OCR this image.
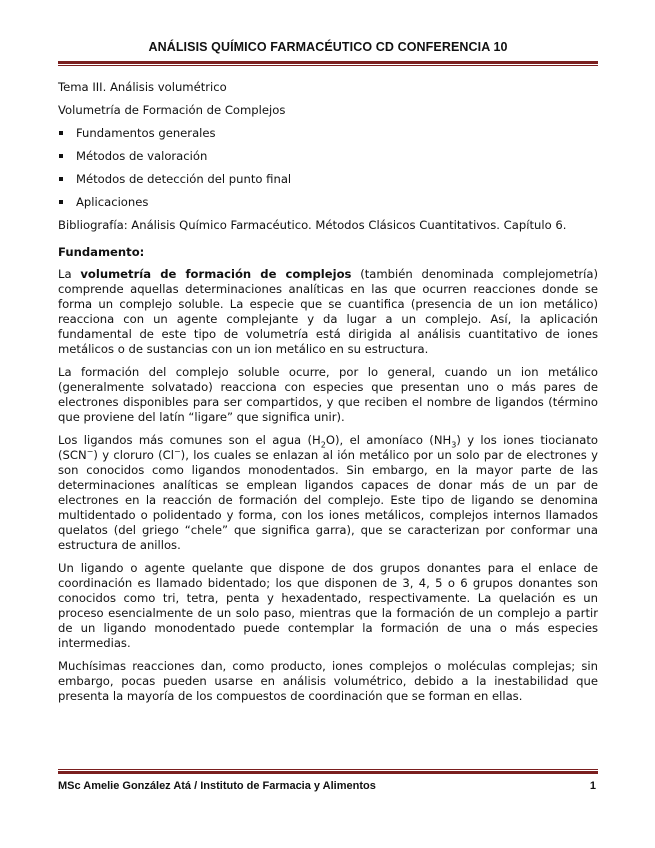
ANÁLISIS QUÍMICO FARMACÉUTICO CD CONFERENCIA 10

Tema III. Análisis volumétrico

Volumetría de Formación de Complejos

Fundamentos generales
Métodos de valoración
Métodos de detección del punto final
Aplicaciones

Bibliografía: Análisis Químico Farmacéutico. Métodos Clásicos Cuantitativos. Capítulo 6.

Fundamento:

La volumetría de formación de complejos (también denominada complejometría) comprende aquellas determinaciones analíticas en las que ocurren reacciones donde se forma un complejo soluble. La especie que se cuantifica (presencia de un ion metálico) reacciona con un agente complejante y da lugar a un complejo. Así, la aplicación fundamental de este tipo de volumetría está dirigida al análisis cuantitativo de iones metálicos o de sustancias con un ion metálico en su estructura.

La formación del complejo soluble ocurre, por lo general, cuando un ion metálico (generalmente solvatado) reacciona con especies que presentan uno o más pares de electrones disponibles para ser compartidos, y que reciben el nombre de ligandos (término que proviene del latín “ligare” que significa unir).

Los ligandos más comunes son el agua $(H_2O)$, el amoníaco $(NH_3)$ y los iones tiocianato (SCN−) y cloruro (Cl−), los cuales se enlazan al ión metálico por un solo par de electrones y son conocidos como ligandos monodentados. Sin embargo, en la mayor parte de las determinaciones analíticas se emplean ligandos capaces de donar más de un par de electrones en la reacción de formación del complejo. Este tipo de ligando se denomina multidentado o polidentado y forma, con los iones metálicos, complejos internos llamados quelatos (del griego “chele” que significa garra), que se caracterizan por conformar una estructura de anillos.

Un ligando o agente quelante que dispone de dos grupos donantes para el enlace de coordinación es llamado bidentado; los que disponen de 3, 4, 5 o 6 grupos donantes son conocidos como tri, tetra, penta y hexadentado, respectivamente. La quelación es un proceso esencialmente de un solo paso, mientras que la formación de un complejo a partir de un ligando monodentado puede contemplar la formación de una o más especies intermedias.

Muchísimas reacciones dan, como producto, iones complejos o moléculas complejas; sin embargo, pocas pueden usarse en análisis volumétrico, debido a la inestabilidad que presenta la mayoría de los compuestos de coordinación que se forman en ellas.

MSc Amelie González Atá / Instituto de Farmacia y Alimentos	1
